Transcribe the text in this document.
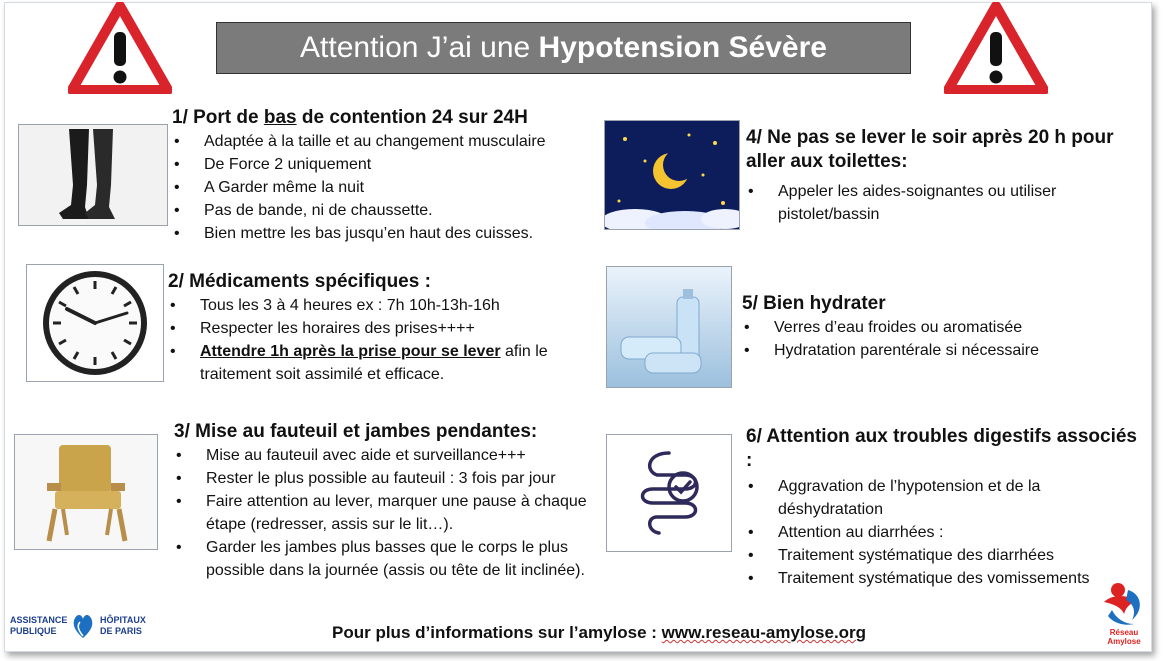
Attention J’ai une Hypotension Sévère
1/ Port de bas de contention 24 sur 24H
• Adaptée à la taille et au changement musculaire
• De Force 2 uniquement
• A Garder même la nuit
• Pas de bande, ni de chaussette.
• Bien mettre les bas jusqu’en haut des cuisses.
2/ Médicaments spécifiques :
• Tous les 3 à 4 heures ex : 7h 10h-13h-16h
• Respecter les horaires des prises++++
• Attendre 1h après la prise pour se lever afin le traitement soit assimilé et efficace.
3/ Mise au fauteuil et jambes pendantes:
• Mise au fauteuil avec aide et surveillance+++
• Rester le plus possible au fauteuil : 3 fois par jour
• Faire attention au lever, marquer une pause à chaque étape (redresser, assis sur le lit…).
• Garder les jambes plus basses que le corps le plus possible dans la journée (assis ou tête de lit inclinée).
4/ Ne pas se lever le soir après 20 h pour aller aux toilettes:
• Appeler les aides-soignantes ou utiliser pistolet/bassin
5/ Bien hydrater
• Verres d’eau froides ou aromatisée
• Hydratation parentérale si nécessaire
6/ Attention aux troubles digestifs associés :
• Aggravation de l’hypotension et de la déshydratation
• Attention au diarrhées :
• Traitement systématique des diarrhées
• Traitement systématique des vomissements
Pour plus d’informations sur l’amylose : www.reseau-amylose.org
ASSISTANCE
PUBLIQUE
HÔPITAUX
DE PARIS	Réseau
Amylose
